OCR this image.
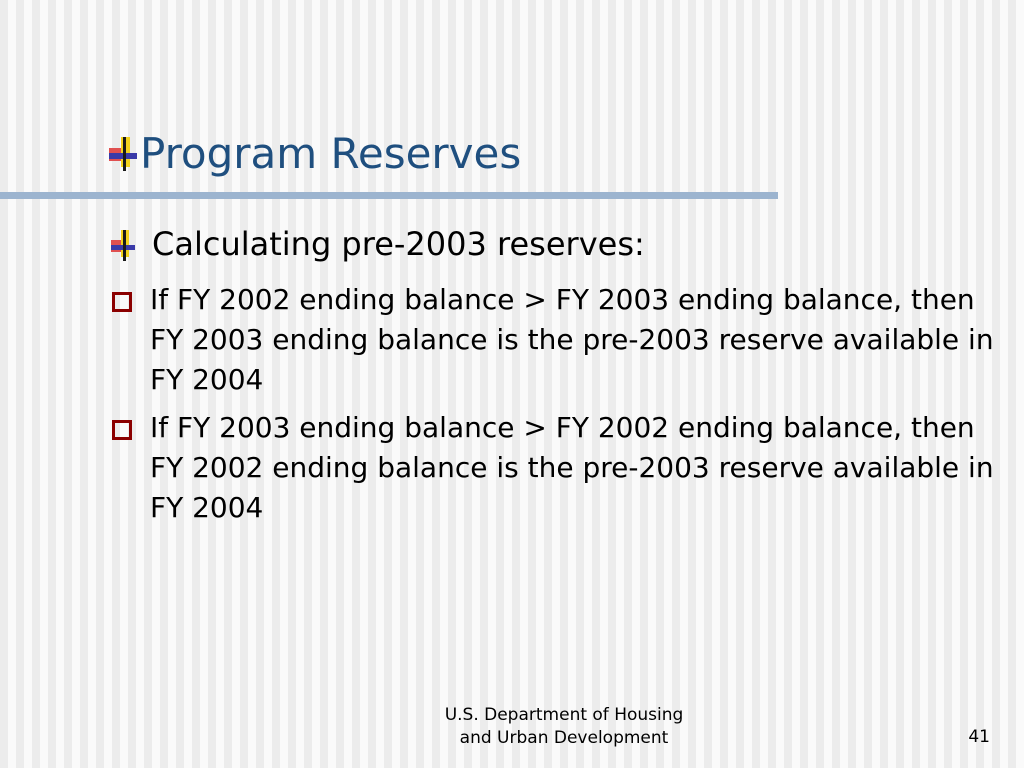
Program Reserves
Calculating pre-2003 reserves:
If FY 2002 ending balance > FY 2003 ending balance, then FY 2003 ending balance is the pre-2003 reserve available in FY 2004
If FY 2003 ending balance > FY 2002 ending balance, then FY 2002 ending balance is the pre-2003 reserve available in FY 2004
U.S. Department of Housing
and Urban Development	41
